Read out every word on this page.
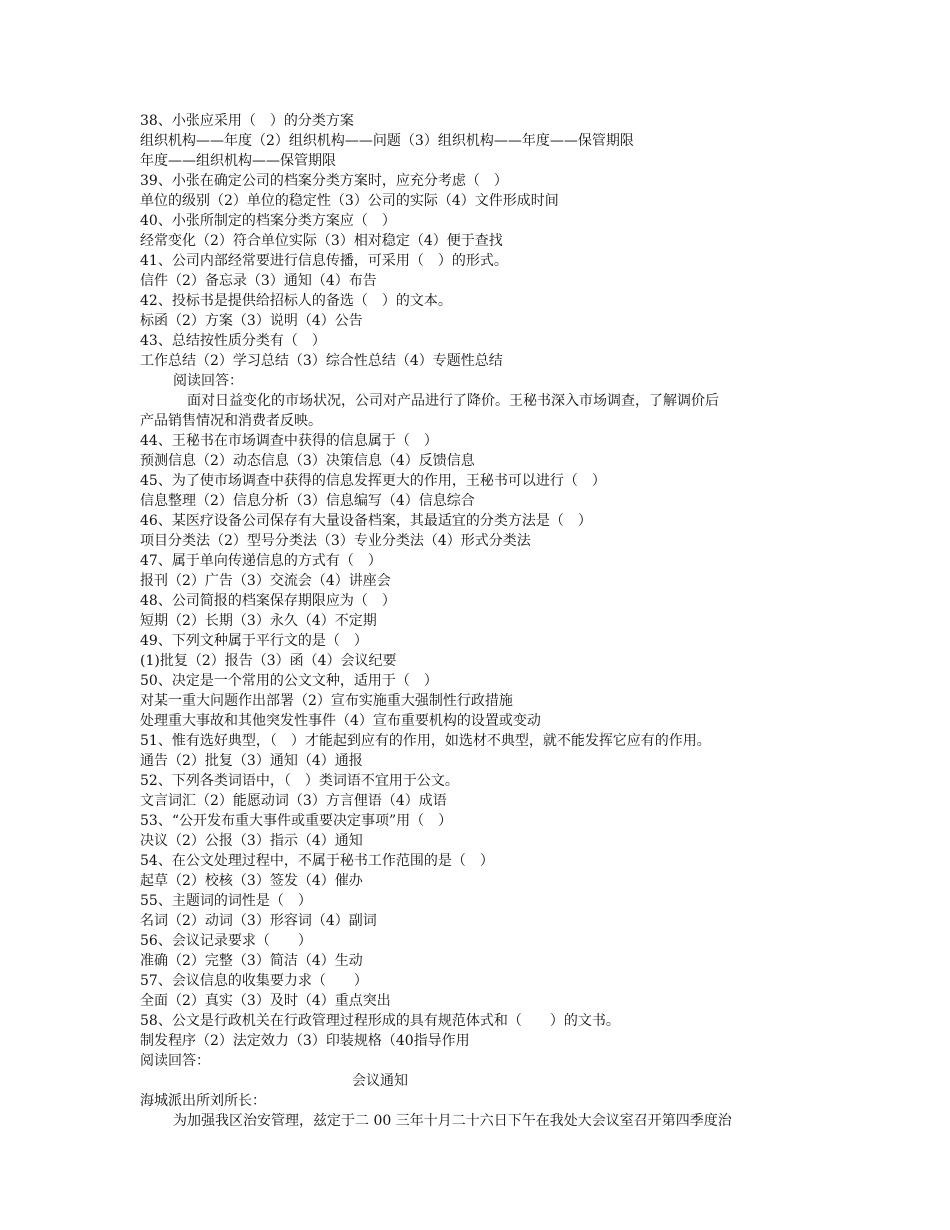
38、小张应采用（　）的分类方案
组织机构——年度（2）组织机构——问题（3）组织机构——年度——保管期限
年度——组织机构——保管期限
39、小张在确定公司的档案分类方案时，应充分考虑（　）
单位的级别（2）单位的稳定性（3）公司的实际（4）文件形成时间
40、小张所制定的档案分类方案应（　）
经常变化（2）符合单位实际（3）相对稳定（4）便于查找
41、公司内部经常要进行信息传播，可采用（　）的形式。
信件（2）备忘录（3）通知（4）布告
42、投标书是提供给招标人的备选（　）的文本。
标函（2）方案（3）说明（4）公告
43、总结按性质分类有（　）
工作总结（2）学习总结（3）综合性总结（4）专题性总结
阅读回答：
面对日益变化的市场状况，公司对产品进行了降价。王秘书深入市场调查，了解调价后
产品销售情况和消费者反映。
44、王秘书在市场调查中获得的信息属于（　）
预测信息（2）动态信息（3）决策信息（4）反馈信息
45、为了使市场调查中获得的信息发挥更大的作用，王秘书可以进行（　）
信息整理（2）信息分析（3）信息编写（4）信息综合
46、某医疗设备公司保存有大量设备档案，其最适宜的分类方法是（　）
项目分类法（2）型号分类法（3）专业分类法（4）形式分类法
47、属于单向传递信息的方式有（　）
报刊（2）广告（3）交流会（4）讲座会
48、公司简报的档案保存期限应为（　）
短期（2）长期（3）永久（4）不定期
49、下列文种属于平行文的是（　）
(1)批复（2）报告（3）函（4）会议纪要
50、决定是一个常用的公文文种，适用于（　）
对某一重大问题作出部署（2）宣布实施重大强制性行政措施
处理重大事故和其他突发性事件（4）宣布重要机构的设置或变动
51、惟有选好典型，（　）才能起到应有的作用，如选材不典型，就不能发挥它应有的作用。
通告（2）批复（3）通知（4）通报
52、下列各类词语中，（　）类词语不宜用于公文。
文言词汇（2）能愿动词（3）方言俚语（4）成语
53、“公开发布重大事件或重要决定事项”用（　）
决议（2）公报（3）指示（4）通知
54、在公文处理过程中，不属于秘书工作范围的是（　）
起草（2）校核（3）签发（4）催办
55、主题词的词性是（　）
名词（2）动词（3）形容词（4）副词
56、会议记录要求（　　）
准确（2）完整（3）简洁（4）生动
57、会议信息的收集要力求（　　）
全面（2）真实（3）及时（4）重点突出
58、公文是行政机关在行政管理过程形成的具有规范体式和（　　）的文书。
制发程序（2）法定效力（3）印装规格（40指导作用
阅读回答：
会议通知
海城派出所刘所长：
为加强我区治安管理，兹定于二 00 三年十月二十六日下午在我处大会议室召开第四季度治
